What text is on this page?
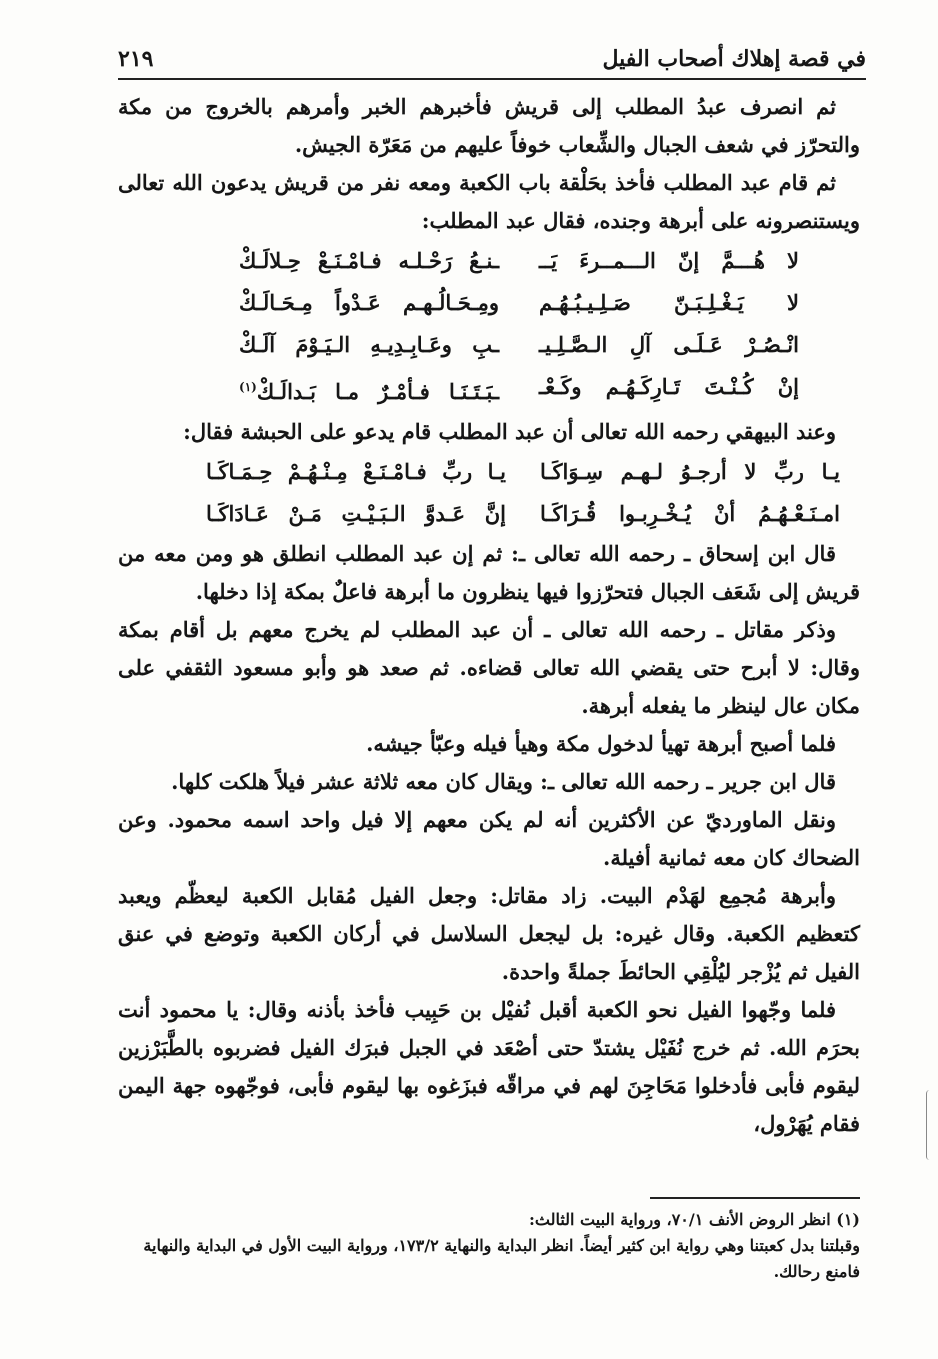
في قصة إهلاك أصحاب الفيل
٢١٩

ثم انصرف عبدُ المطلب إلى قريش فأخبرهم الخبر وأمرهم بالخروج من مكة والتحرّز في شعف الجبال والشِّعاب خوفاً عليهم من مَعَرّة الجيش.

ثم قام عبد المطلب فأخذ بحَلْقة باب الكعبة ومعه نفر من قريش يدعون الله تعالى ويستنصرونه على أبرهة وجنده، فقال عبد المطلب:

لا هُـــمَّ إنّ الـــمــرءَ يَــ
ـنـعُ رَحْـلـه فـامْـنَـعْ حِـلالَـكْ
لا يَـغْـلِـبَـنّ صَـلِـيـبُـهُـم
ومِـحَـالُـهـم عَـدْواً مِـحَـالَـكْ
انْـصُـرْ عَـلَـى آلِ الـصَّـلِـيـ
ـبِ وعَـابِـدِيـهِ الـيَـوْمَ آلَـكْ
إنْ كُـنْـتَ تَـارِكَـهُـم وكَـعْـ
ـبَـتَـنَـا فـأمْـرٌ مـا بَـدالَـكْ$^{(١)}$

وعند البيهقي رحمه الله تعالى أن عبد المطلب قام يدعو على الحبشة فقال:

يـا ربِّ لا أرجـوُ لـهـم سِـوَاكَـا
يـا ربِّ فـامْـنَـعْ مِـنْـهُـمْ حِـمَـاكَـا
امـنَـعْـهُـمُ أنْ يُـخْـرِبـوا قُـرَاكَـا
إنَّ عَـدوَّ الـبَـيْـتِ مَـنْ عَـادَاكَـا

قال ابن إسحاق ـ رحمه الله تعالى ـ: ثم إن عبد المطلب انطلق هو ومن معه من قريش إلى شَعَف الجبال فتحرّزوا فيها ينظرون ما أبرهة فاعلٌ بمكة إذا دخلها.

وذكر مقاتل ـ رحمه الله تعالى ـ أن عبد المطلب لم يخرج معهم بل أقام بمكة وقال: لا أبرح حتى يقضي الله تعالى قضاءه. ثم صعد هو وأبو مسعود الثقفي على مكان عال لينظر ما يفعله أبرهة.

فلما أصبح أبرهة تهيأ لدخول مكة وهيأ فيله وعبّأ جيشه.

قال ابن جرير ـ رحمه الله تعالى ـ: ويقال كان معه ثلاثة عشر فيلاً هلكت كلها.

ونقل الماورديّ عن الأكثرين أنه لم يكن معهم إلا فيل واحد اسمه محمود. وعن الضحاك كان معه ثمانية أفيلة.

وأبرهة مُجمِع لهَدْم البيت. زاد مقاتل: وجعل الفيل مُقابل الكعبة ليعظّم ويعبد كتعظيم الكعبة. وقال غيره: بل ليجعل السلاسل في أركان الكعبة وتوضع في عنق الفيل ثم يُزْجر ليُلْقِي الحائطَ جملةً واحدة.

فلما وجّهوا الفيل نحو الكعبة أقبل نُفيْل بن حَبِيب فأخذ بأذنه وقال: يا محمود أنت بحرَم الله. ثم خرج نُفَيْل يشتدّ حتى أصْعَد في الجبل فبرَك الفيل فضربوه بالطَّبَرْزين ليقوم فأبى فأدخلوا مَحَاجِنَ لهم في مراقّه فبزَغوه بها ليقوم فأبى، فوجّهوه جهة اليمن فقام يُهَرْول،

(١) انظر الروض الأنف ٧٠/١، ورواية البيت الثالث:

وقبلتنا بدل كعبتنا وهي رواية ابن كثير أيضاً. انظر البداية والنهاية ١٧٣/٢، ورواية البيت الأول في البداية والنهاية فامنع رحالك.
